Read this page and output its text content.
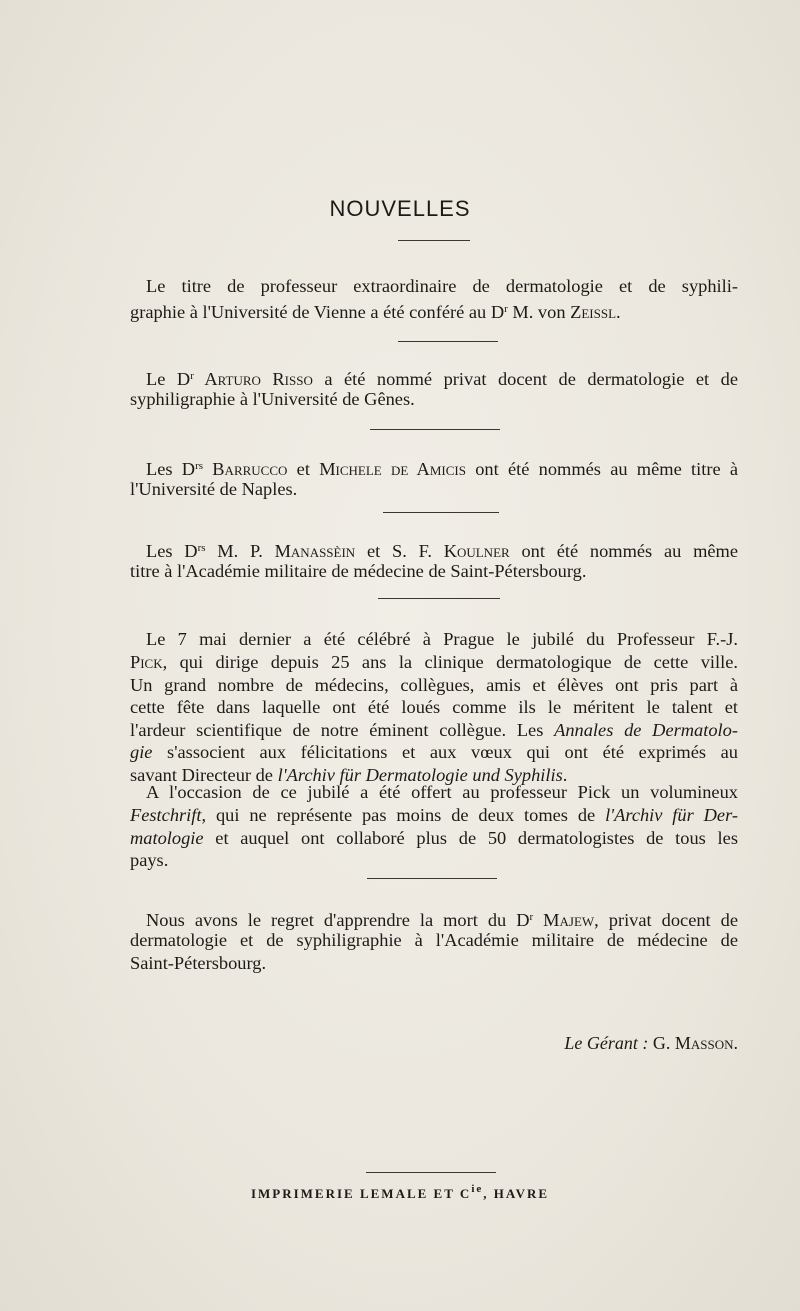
NOUVELLES
Le titre de professeur extraordinaire de dermatologie et de syphili-
graphie à l'Université de Vienne a été conféré au $D^r$ M. von Zeissl.
Le $D^r$ Arturo Risso a été nommé privat docent de dermatologie et de
syphiligraphie à l'Université de Gênes.
Les $D^{rs}$ Barrucco et Michele de Amicis ont été nommés au même titre à
l'Université de Naples.
Les $D^{rs}$ M. P. Manassèin et S. F. Koulner ont été nommés au même
titre à l'Académie militaire de médecine de Saint-Pétersbourg.
Le 7 mai dernier a été célébré à Prague le jubilé du Professeur F.-J.
Pick, qui dirige depuis 25 ans la clinique dermatologique de cette ville.
Un grand nombre de médecins, collègues, amis et élèves ont pris part à
cette fête dans laquelle ont été loués comme ils le méritent le talent et
l'ardeur scientifique de notre éminent collègue. Les Annales de Dermatolo-
gie s'associent aux félicitations et aux vœux qui ont été exprimés au
savant Directeur de l'Archiv für Dermatologie und Syphilis.
A l'occasion de ce jubilé a été offert au professeur Pick un volumineux
Festchrift, qui ne représente pas moins de deux tomes de l'Archiv für Der-
matologie et auquel ont collaboré plus de 50 dermatologistes de tous les
pays.
Nous avons le regret d'apprendre la mort du $D^r$ Majew, privat docent de
dermatologie et de syphiligraphie à l'Académie militaire de médecine de
Saint-Pétersbourg.
Le Gérant : G. Masson.
IMPRIMERIE LEMALE ET $C^{ie}$, HAVRE
